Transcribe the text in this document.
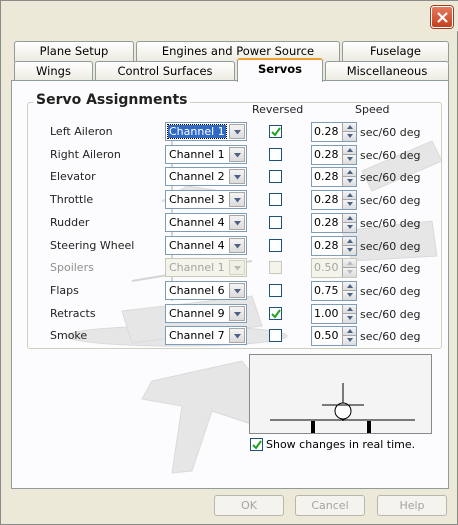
Plane Setup	Engines and Power Source	Fuselage
Wings	Control Surfaces	Servos	Miscellaneous
Servo Assignments
Reversed	Speed
Left Aileron	Channel 1	0.28 sec/60 deg
Right Aileron	Channel 1	0.28 sec/60 deg
Elevator	Channel 2	0.28 sec/60 deg
Throttle	Channel 3	0.28 sec/60 deg
Rudder	Channel 4	0.28 sec/60 deg
Steering Wheel	Channel 4	0.28 sec/60 deg
Spoilers	Channel 1	0.50 sec/60 deg
Flaps	Channel 6	0.75 sec/60 deg
Retracts	Channel 9	1.00 sec/60 deg
Smoke	Channel 7	0.50 sec/60 deg
Show changes in real time.
OK	Cancel	Help
